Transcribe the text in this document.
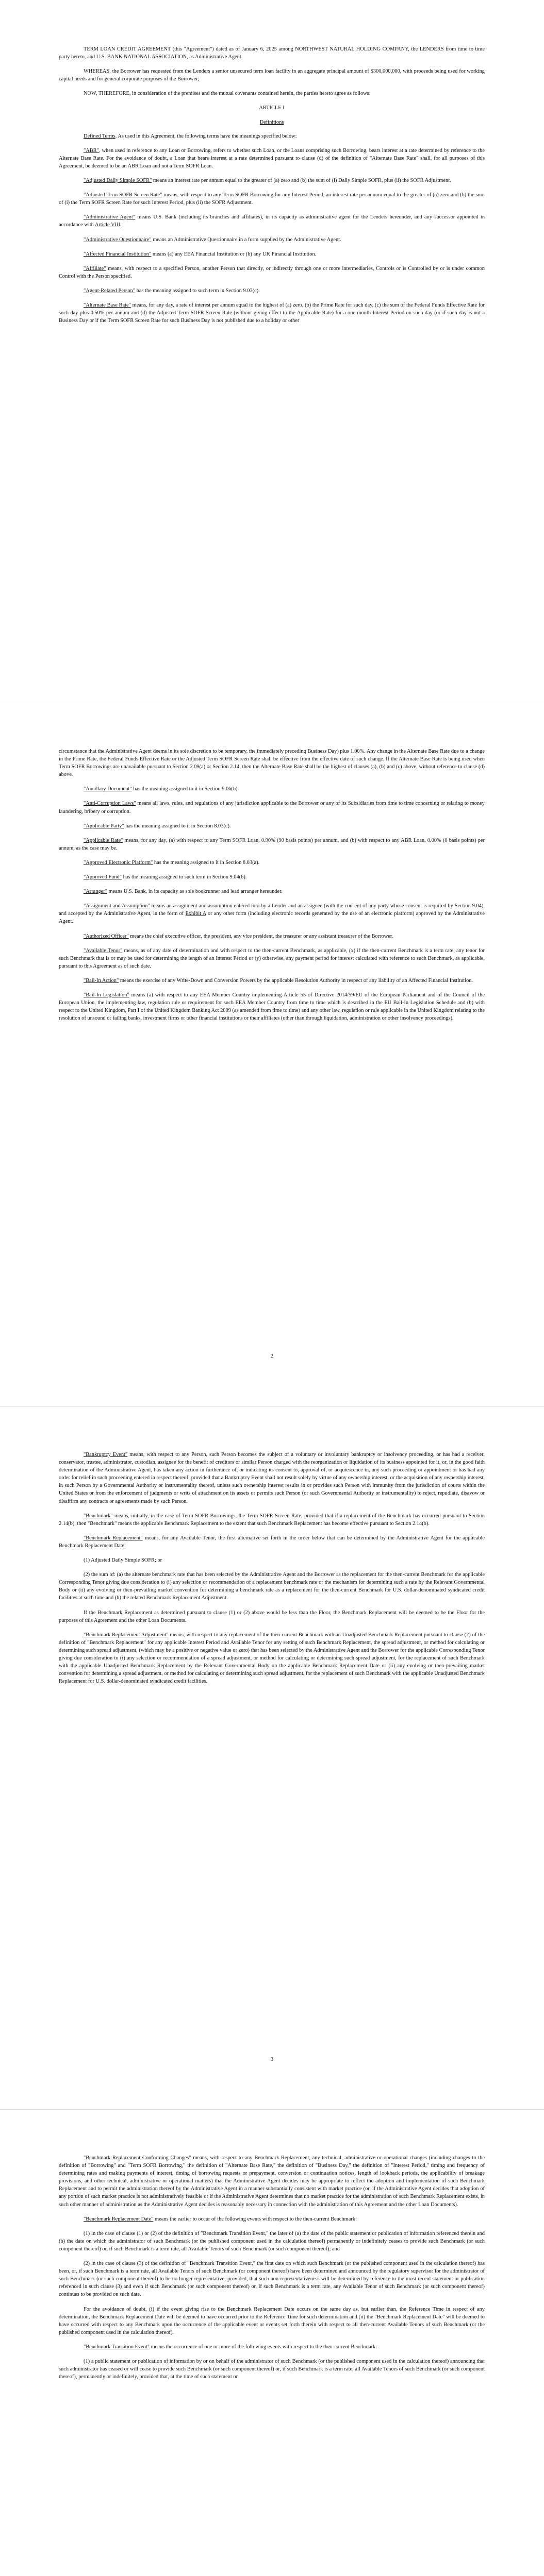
TERM LOAN CREDIT AGREEMENT (this "Agreement") dated as of January 6, 2025 among NORTHWEST NATURAL HOLDING COMPANY, the LENDERS from time to time party hereto, and U.S. BANK NATIONAL ASSOCIATION, as Administrative Agent.

WHEREAS, the Borrower has requested from the Lenders a senior unsecured term loan facility in an aggregate principal amount of $300,000,000, with proceeds being used for working capital needs and for general corporate purposes of the Borrower;

NOW, THEREFORE, in consideration of the premises and the mutual covenants contained herein, the parties hereto agree as follows:

ARTICLE I

Definitions

Defined Terms. As used in this Agreement, the following terms have the meanings specified below:

"ABR", when used in reference to any Loan or Borrowing, refers to whether such Loan, or the Loans comprising such Borrowing, bears interest at a rate determined by reference to the Alternate Base Rate. For the avoidance of doubt, a Loan that bears interest at a rate determined pursuant to clause (d) of the definition of "Alternate Base Rate" shall, for all purposes of this Agreement, be deemed to be an ABR Loan and not a Term SOFR Loan.

"Adjusted Daily Simple SOFR" means an interest rate per annum equal to the greater of (a) zero and (b) the sum of (i) Daily Simple SOFR, plus (ii) the SOFR Adjustment.

"Adjusted Term SOFR Screen Rate" means, with respect to any Term SOFR Borrowing for any Interest Period, an interest rate per annum equal to the greater of (a) zero and (b) the sum of (i) the Term SOFR Screen Rate for such Interest Period, plus (ii) the SOFR Adjustment.

"Administrative Agent" means U.S. Bank (including its branches and affiliates), in its capacity as administrative agent for the Lenders hereunder, and any successor appointed in accordance with Article VIII.

"Administrative Questionnaire" means an Administrative Questionnaire in a form supplied by the Administrative Agent.

"Affected Financial Institution" means (a) any EEA Financial Institution or (b) any UK Financial Institution.

"Affiliate" means, with respect to a specified Person, another Person that directly, or indirectly through one or more intermediaries, Controls or is Controlled by or is under common Control with the Person specified.

"Agent-Related Person" has the meaning assigned to such term in Section 9.03(c).

"Alternate Base Rate" means, for any day, a rate of interest per annum equal to the highest of (a) zero, (b) the Prime Rate for such day, (c) the sum of the Federal Funds Effective Rate for such day plus 0.50% per annum and (d) the Adjusted Term SOFR Screen Rate (without giving effect to the Applicable Rate) for a one-month Interest Period on such day (or if such day is not a Business Day or if the Term SOFR Screen Rate for such Business Day is not published due to a holiday or other

circumstance that the Administrative Agent deems in its sole discretion to be temporary, the immediately preceding Business Day) plus 1.00%. Any change in the Alternate Base Rate due to a change in the Prime Rate, the Federal Funds Effective Rate or the Adjusted Term SOFR Screen Rate shall be effective from the effective date of such change. If the Alternate Base Rate is being used when Term SOFR Borrowings are unavailable pursuant to Section 2.09(a) or Section 2.14, then the Alternate Base Rate shall be the highest of clauses (a), (b) and (c) above, without reference to clause (d) above.

"Ancillary Document" has the meaning assigned to it in Section 9.06(b).

"Anti-Corruption Laws" means all laws, rules, and regulations of any jurisdiction applicable to the Borrower or any of its Subsidiaries from time to time concerning or relating to money laundering, bribery or corruption.

"Applicable Party" has the meaning assigned to it in Section 8.03(c).

"Applicable Rate" means, for any day, (a) with respect to any Term SOFR Loan, 0.90% (90 basis points) per annum, and (b) with respect to any ABR Loan, 0.00% (0 basis points) per annum, as the case may be.

"Approved Electronic Platform" has the meaning assigned to it in Section 8.03(a).

"Approved Fund" has the meaning assigned to such term in Section 9.04(b).

"Arranger" means U.S. Bank, in its capacity as sole bookrunner and lead arranger hereunder.

"Assignment and Assumption" means an assignment and assumption entered into by a Lender and an assignee (with the consent of any party whose consent is required by Section 9.04), and accepted by the Administrative Agent, in the form of Exhibit A or any other form (including electronic records generated by the use of an electronic platform) approved by the Administrative Agent.

"Authorized Officer" means the chief executive officer, the president, any vice president, the treasurer or any assistant treasurer of the Borrower.

"Available Tenor" means, as of any date of determination and with respect to the then-current Benchmark, as applicable, (x) if the then-current Benchmark is a term rate, any tenor for such Benchmark that is or may be used for determining the length of an Interest Period or (y) otherwise, any payment period for interest calculated with reference to such Benchmark, as applicable, pursuant to this Agreement as of such date.

"Bail-In Action" means the exercise of any Write-Down and Conversion Powers by the applicable Resolution Authority in respect of any liability of an Affected Financial Institution.

"Bail-In Legislation" means (a) with respect to any EEA Member Country implementing Article 55 of Directive 2014/59/EU of the European Parliament and of the Council of the European Union, the implementing law, regulation rule or requirement for such EEA Member Country from time to time which is described in the EU Bail-In Legislation Schedule and (b) with respect to the United Kingdom, Part I of the United Kingdom Banking Act 2009 (as amended from time to time) and any other law, regulation or rule applicable in the United Kingdom relating to the resolution of unsound or failing banks, investment firms or other financial institutions or their affiliates (other than through liquidation, administration or other insolvency proceedings).

2

"Bankruptcy Event" means, with respect to any Person, such Person becomes the subject of a voluntary or involuntary bankruptcy or insolvency proceeding, or has had a receiver, conservator, trustee, administrator, custodian, assignee for the benefit of creditors or similar Person charged with the reorganization or liquidation of its business appointed for it, or, in the good faith determination of the Administrative Agent, has taken any action in furtherance of, or indicating its consent to, approval of, or acquiescence in, any such proceeding or appointment or has had any order for relief in such proceeding entered in respect thereof; provided that a Bankruptcy Event shall not result solely by virtue of any ownership interest, or the acquisition of any ownership interest, in such Person by a Governmental Authority or instrumentality thereof, unless such ownership interest results in or provides such Person with immunity from the jurisdiction of courts within the United States or from the enforcement of judgments or writs of attachment on its assets or permits such Person (or such Governmental Authority or instrumentality) to reject, repudiate, disavow or disaffirm any contracts or agreements made by such Person.

"Benchmark" means, initially, in the case of Term SOFR Borrowings, the Term SOFR Screen Rate; provided that if a replacement of the Benchmark has occurred pursuant to Section 2.14(b), then "Benchmark" means the applicable Benchmark Replacement to the extent that such Benchmark Replacement has become effective pursuant to Section 2.14(b).

"Benchmark Replacement" means, for any Available Tenor, the first alternative set forth in the order below that can be determined by the Administrative Agent for the applicable Benchmark Replacement Date:

(1) Adjusted Daily Simple SOFR; or

(2) the sum of: (a) the alternate benchmark rate that has been selected by the Administrative Agent and the Borrower as the replacement for the then-current Benchmark for the applicable Corresponding Tenor giving due consideration to (i) any selection or recommendation of a replacement benchmark rate or the mechanism for determining such a rate by the Relevant Governmental Body or (ii) any evolving or then-prevailing market convention for determining a benchmark rate as a replacement for the then-current Benchmark for U.S. dollar-denominated syndicated credit facilities at such time and (b) the related Benchmark Replacement Adjustment.

If the Benchmark Replacement as determined pursuant to clause (1) or (2) above would be less than the Floor, the Benchmark Replacement will be deemed to be the Floor for the purposes of this Agreement and the other Loan Documents.

"Benchmark Replacement Adjustment" means, with respect to any replacement of the then-current Benchmark with an Unadjusted Benchmark Replacement pursuant to clause (2) of the definition of "Benchmark Replacement" for any applicable Interest Period and Available Tenor for any setting of such Benchmark Replacement, the spread adjustment, or method for calculating or determining such spread adjustment, (which may be a positive or negative value or zero) that has been selected by the Administrative Agent and the Borrower for the applicable Corresponding Tenor giving due consideration to (i) any selection or recommendation of a spread adjustment, or method for calculating or determining such spread adjustment, for the replacement of such Benchmark with the applicable Unadjusted Benchmark Replacement by the Relevant Governmental Body on the applicable Benchmark Replacement Date or (ii) any evolving or then-prevailing market convention for determining a spread adjustment, or method for calculating or determining such spread adjustment, for the replacement of such Benchmark with the applicable Unadjusted Benchmark Replacement for U.S. dollar-denominated syndicated credit facilities.

3

"Benchmark Replacement Conforming Changes" means, with respect to any Benchmark Replacement, any technical, administrative or operational changes (including changes to the definition of "Borrowing" and "Term SOFR Borrowing," the definition of "Alternate Base Rate," the definition of "Business Day," the definition of "Interest Period," timing and frequency of determining rates and making payments of interest, timing of borrowing requests or prepayment, conversion or continuation notices, length of lookback periods, the applicability of breakage provisions, and other technical, administrative or operational matters) that the Administrative Agent decides may be appropriate to reflect the adoption and implementation of such Benchmark Replacement and to permit the administration thereof by the Administrative Agent in a manner substantially consistent with market practice (or, if the Administrative Agent decides that adoption of any portion of such market practice is not administratively feasible or if the Administrative Agent determines that no market practice for the administration of such Benchmark Replacement exists, in such other manner of administration as the Administrative Agent decides is reasonably necessary in connection with the administration of this Agreement and the other Loan Documents).

"Benchmark Replacement Date" means the earlier to occur of the following events with respect to the then-current Benchmark:

(1) in the case of clause (1) or (2) of the definition of "Benchmark Transition Event," the later of (a) the date of the public statement or publication of information referenced therein and (b) the date on which the administrator of such Benchmark (or the published component used in the calculation thereof) permanently or indefinitely ceases to provide such Benchmark (or such component thereof) or, if such Benchmark is a term rate, all Available Tenors of such Benchmark (or such component thereof); and

(2) in the case of clause (3) of the definition of "Benchmark Transition Event," the first date on which such Benchmark (or the published component used in the calculation thereof) has been, or, if such Benchmark is a term rate, all Available Tenors of such Benchmark (or component thereof) have been determined and announced by the regulatory supervisor for the administrator of such Benchmark (or such component thereof) to be no longer representative; provided, that such non-representativeness will be determined by reference to the most recent statement or publication referenced in such clause (3) and even if such Benchmark (or such component thereof) or, if such Benchmark is a term rate, any Available Tenor of such Benchmark (or such component thereof) continues to be provided on such date.

For the avoidance of doubt, (i) if the event giving rise to the Benchmark Replacement Date occurs on the same day as, but earlier than, the Reference Time in respect of any determination, the Benchmark Replacement Date will be deemed to have occurred prior to the Reference Time for such determination and (ii) the "Benchmark Replacement Date" will be deemed to have occurred with respect to any Benchmark upon the occurrence of the applicable event or events set forth therein with respect to all then-current Available Tenors of such Benchmark (or the published component used in the calculation thereof).

"Benchmark Transition Event" means the occurrence of one or more of the following events with respect to the then-current Benchmark:

(1) a public statement or publication of information by or on behalf of the administrator of such Benchmark (or the published component used in the calculation thereof) announcing that such administrator has ceased or will cease to provide such Benchmark (or such component thereof) or, if such Benchmark is a term rate, all Available Tenors of such Benchmark (or such component thereof), permanently or indefinitely, provided that, at the time of such statement or
